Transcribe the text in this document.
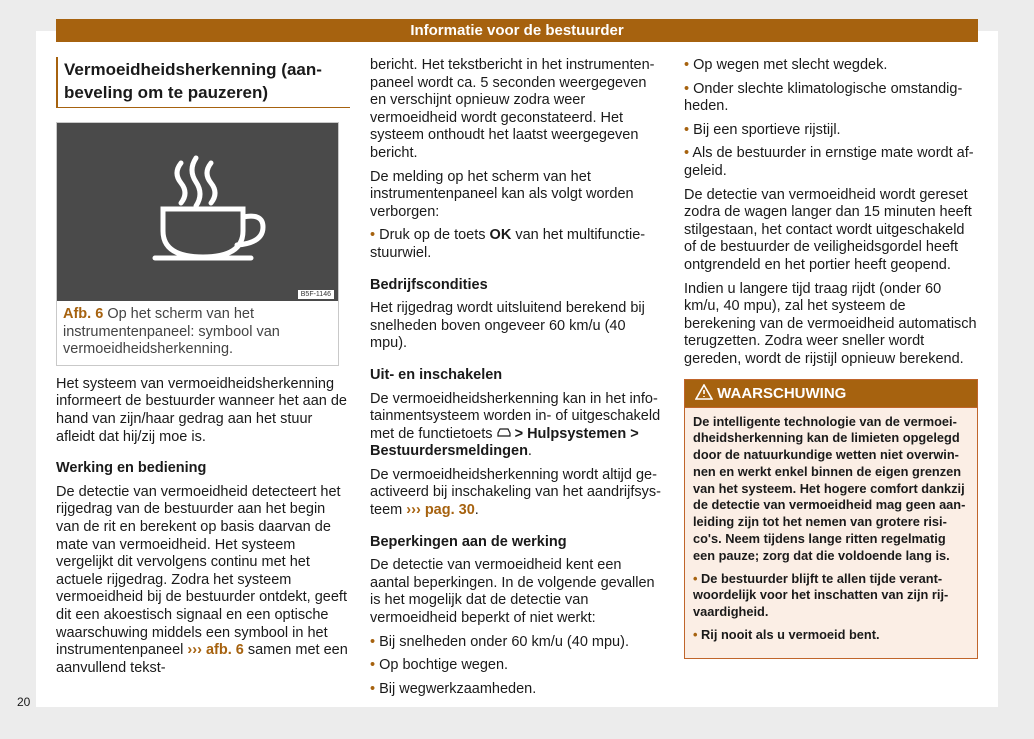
Informatie voor de bestuurder
Vermoeidheidsherkenning (aanbeveling om te pauzeren)
B5F-1146
Afb. 6 Op het scherm van het instrumentenpaneel: symbool van vermoeidheidsherkenning.

Het systeem van vermoeidheidsherkenning informeert de bestuurder wanneer het aan de hand van zijn/haar gedrag aan het stuur afleidt dat hij/zij moe is.

Werking en bediening

De detectie van vermoeidheid detecteert het rijgedrag van de bestuurder aan het begin van de rit en berekent op basis daarvan de mate van vermoeidheid. Het systeem vergelijkt dit vervolgens continu met het actuele rijgedrag. Zodra het systeem vermoeidheid bij de bestuurder ontdekt, geeft dit een akoestisch signaal en een optische waarschuwing middels een symbool in het instrumentenpaneel ››› afb. 6 samen met een aanvullend tekst-

bericht. Het tekstbericht in het instrumentenpaneel wordt ca. 5 seconden weergegeven en verschijnt opnieuw zodra weer vermoeidheid wordt geconstateerd. Het systeem onthoudt het laatst weergegeven bericht.

De melding op het scherm van het instrumentenpaneel kan als volgt worden verborgen:

• Druk op de toets OK van het multifunctiestuurwiel.

Bedrijfscondities

Het rijgedrag wordt uitsluitend berekend bij snelheden boven ongeveer 60 km/u (40 mpu).

Uit- en inschakelen

De vermoeidheidsherkenning kan in het infotainmentsysteem worden in- of uitgeschakeld met de functietoets > Hulpsystemen > Bestuurdersmeldingen.

De vermoeidheidsherkenning wordt altijd geactiveerd bij inschakeling van het aandrijfsysteem ››› pag. 30.

Beperkingen aan de werking

De detectie van vermoeidheid kent een aantal beperkingen. In de volgende gevallen is het mogelijk dat de detectie van vermoeidheid beperkt of niet werkt:

• Bij snelheden onder 60 km/u (40 mpu).

• Op bochtige wegen.

• Bij wegwerkzaamheden.

• Op wegen met slecht wegdek.

• Onder slechte klimatologische omstandigheden.

• Bij een sportieve rijstijl.

• Als de bestuurder in ernstige mate wordt afgeleid.

De detectie van vermoeidheid wordt gereset zodra de wagen langer dan 15 minuten heeft stilgestaan, het contact wordt uitgeschakeld of de bestuurder de veiligheidsgordel heeft ontgrendeld en het portier heeft geopend.

Indien u langere tijd traag rijdt (onder 60 km/u, 40 mpu), zal het systeem de berekening van de vermoeidheid automatisch terugzetten. Zodra weer sneller wordt gereden, wordt de rijstijl opnieuw berekend.

WAARSCHUWING

De intelligente technologie van de vermoeidheidsherkenning kan de limieten opgelegd door de natuurkundige wetten niet overwinnen en werkt enkel binnen de eigen grenzen van het systeem. Het hogere comfort dankzij de detectie van vermoeidheid mag geen aanleiding zijn tot het nemen van grotere risico's. Neem tijdens lange ritten regelmatig een pauze; zorg dat die voldoende lang is.

• De bestuurder blijft te allen tijde verantwoordelijk voor het inschatten van zijn rijvaardigheid.

• Rij nooit als u vermoeid bent.

20
